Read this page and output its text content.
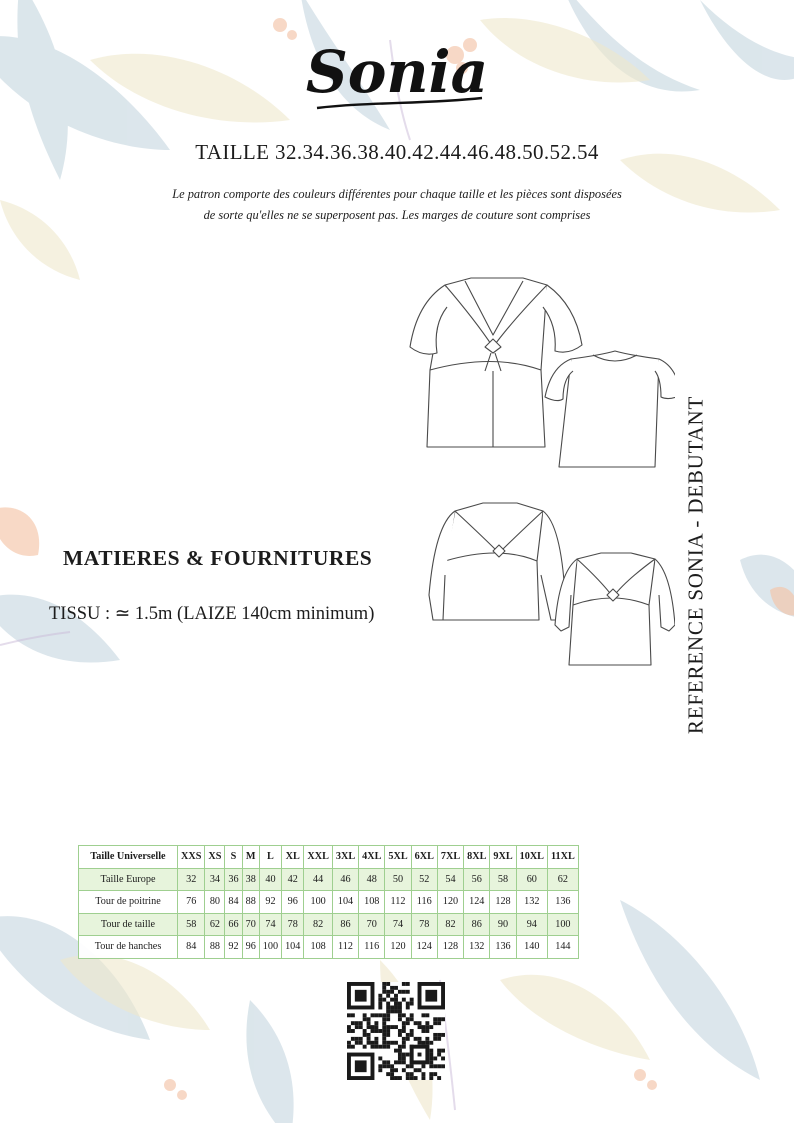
Sonia
TAILLE 32.34.36.38.40.42.44.46.48.50.52.54
Le patron comporte des couleurs différentes pour chaque taille et les pièces sont disposées
de sorte qu'elles ne se superposent pas. Les marges de couture sont comprises
MATIERES & FOURNITURES
TISSU : ≃ 1.5m (LAIZE 140cm minimum)	REFERENCE SONIA - DEBUTANT
Taille Universelle	XXS	XS	S	M	L	XL	XXL	3XL	4XL	5XL	6XL	7XL	8XL	9XL	10XL	11XL
Taille Europe	32	34	36	38	40	42	44	46	48	50	52	54	56	58	60	62
Tour de poitrine	76	80	84	88	92	96	100	104	108	112	116	120	124	128	132	136
Tour de taille	58	62	66	70	74	78	82	86	70	74	78	82	86	90	94	100
Tour de hanches	84	88	92	96	100	104	108	112	116	120	124	128	132	136	140	144
